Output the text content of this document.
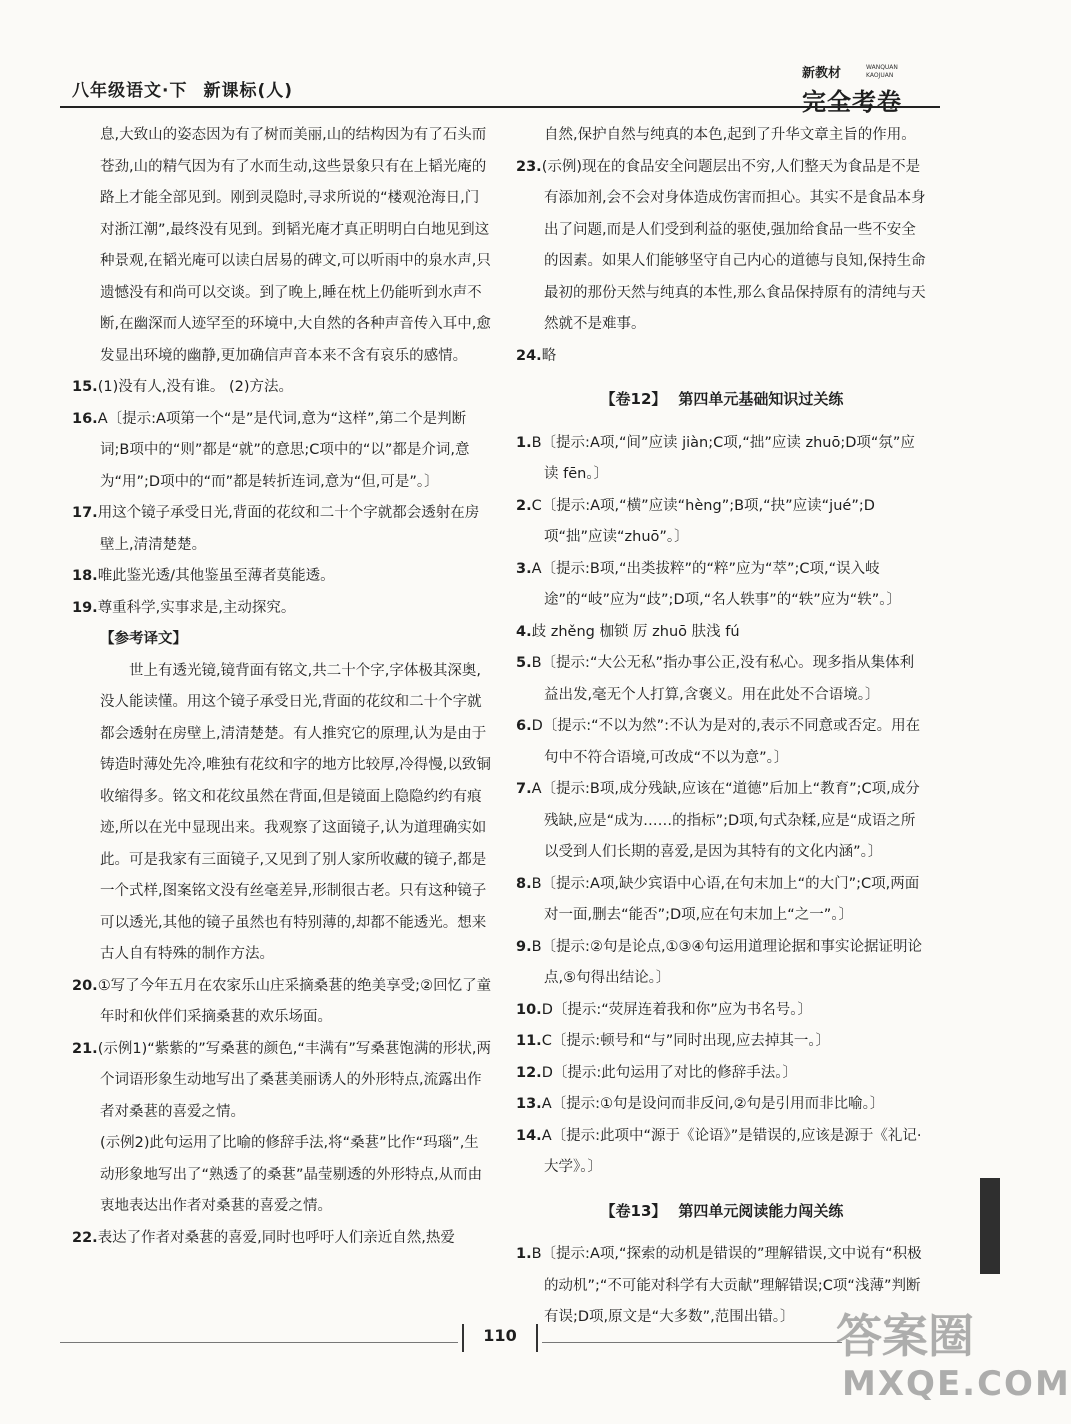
八年级语文·下 新课标(人)
新教材	WANQUAN
KAOJUAN
完全考卷

息,大致山的姿态因为有了树而美丽,山的结构因为有了石头而苍劲,山的精气因为有了水而生动,这些景象只有在上韬光庵的路上才能全部见到。刚到灵隐时,寻求所说的“楼观沧海日,门对浙江潮”,最终没有见到。到韬光庵才真正明明白白地见到这种景观,在韬光庵可以读白居易的碑文,可以听雨中的泉水声,只遗憾没有和尚可以交谈。到了晚上,睡在枕上仍能听到水声不断,在幽深而人迹罕至的环境中,大自然的各种声音传入耳中,愈发显出环境的幽静,更加确信声音本来不含有哀乐的感情。

15.(1)没有人,没有谁。 (2)方法。

16.A〔提示:A项第一个“是”是代词,意为“这样”,第二个是判断词;B项中的“则”都是“就”的意思;C项中的“以”都是介词,意为“用”;D项中的“而”都是转折连词,意为“但,可是”。〕

17.用这个镜子承受日光,背面的花纹和二十个字就都会透射在房壁上,清清楚楚。

18.唯此鉴光透/其他鉴虽至薄者莫能透。

19.尊重科学,实事求是,主动探究。

【参考译文】

世上有透光镜,镜背面有铭文,共二十个字,字体极其深奥,没人能读懂。用这个镜子承受日光,背面的花纹和二十个字就都会透射在房壁上,清清楚楚。有人推究它的原理,认为是由于铸造时薄处先冷,唯独有花纹和字的地方比较厚,冷得慢,以致铜收缩得多。铭文和花纹虽然在背面,但是镜面上隐隐约约有痕迹,所以在光中显现出来。我观察了这面镜子,认为道理确实如此。可是我家有三面镜子,又见到了别人家所收藏的镜子,都是一个式样,图案铭文没有丝毫差异,形制很古老。只有这种镜子可以透光,其他的镜子虽然也有特别薄的,却都不能透光。想来古人自有特殊的制作方法。

20.①写了今年五月在农家乐山庄采摘桑葚的绝美享受;②回忆了童年时和伙伴们采摘桑葚的欢乐场面。

21.(示例1)“紫紫的”写桑葚的颜色,“丰满有”写桑葚饱满的形状,两个词语形象生动地写出了桑葚美丽诱人的外形特点,流露出作者对桑葚的喜爱之情。

(示例2)此句运用了比喻的修辞手法,将“桑葚”比作“玛瑙”,生动形象地写出了“熟透了的桑葚”晶莹剔透的外形特点,从而由衷地表达出作者对桑葚的喜爱之情。

22.表达了作者对桑葚的喜爱,同时也呼吁人们亲近自然,热爱

自然,保护自然与纯真的本色,起到了升华文章主旨的作用。

23.(示例)现在的食品安全问题层出不穷,人们整天为食品是不是有添加剂,会不会对身体造成伤害而担心。其实不是食品本身出了问题,而是人们受到利益的驱使,强加给食品一些不安全的因素。如果人们能够坚守自己内心的道德与良知,保持生命最初的那份天然与纯真的本性,那么食品保持原有的清纯与天然就不是难事。

24.略

【卷12】 第四单元基础知识过关练

1.B〔提示:A项,“间”应读 jiàn;C项,“拙”应读 zhuō;D项“氛”应读 fēn。〕

2.C〔提示:A项,“横”应读“hèng”;B项,“抉”应读“jué”;D项“拙”应读“zhuō”。〕

3.A〔提示:B项,“出类拔粹”的“粹”应为“萃”;C项,“误入岐途”的“岐”应为“歧”;D项,“名人轶事”的“轶”应为“轶”。〕

4.歧 zhěng 枷锁 厉 zhuō 肤浅 fú

5.B〔提示:“大公无私”指办事公正,没有私心。现多指从集体利益出发,毫无个人打算,含褒义。用在此处不合语境。〕

6.D〔提示:“不以为然”:不认为是对的,表示不同意或否定。用在句中不符合语境,可改成“不以为意”。〕

7.A〔提示:B项,成分残缺,应该在“道德”后加上“教育”;C项,成分残缺,应是“成为……的指标”;D项,句式杂糅,应是“成语之所以受到人们长期的喜爱,是因为其特有的文化内涵”。〕

8.B〔提示:A项,缺少宾语中心语,在句末加上“的大门”;C项,两面对一面,删去“能否”;D项,应在句末加上“之一”。〕

9.B〔提示:②句是论点,①③④句运用道理论据和事实论据证明论点,⑤句得出结论。〕

10.D〔提示:“荧屏连着我和你”应为书名号。〕

11.C〔提示:顿号和“与”同时出现,应去掉其一。〕

12.D〔提示:此句运用了对比的修辞手法。〕

13.A〔提示:①句是设问而非反问,②句是引用而非比喻。〕

14.A〔提示:此项中“源于《论语》”是错误的,应该是源于《礼记·大学》。〕

【卷13】 第四单元阅读能力闯关练

1.B〔提示:A项,“探索的动机是错误的”理解错误,文中说有“积极的动机”;“不可能对科学有大贡献”理解错误;C项“浅薄”判断有误;D项,原文是“大多数”,范围出错。〕

110	答案圈
MXQE.COM
